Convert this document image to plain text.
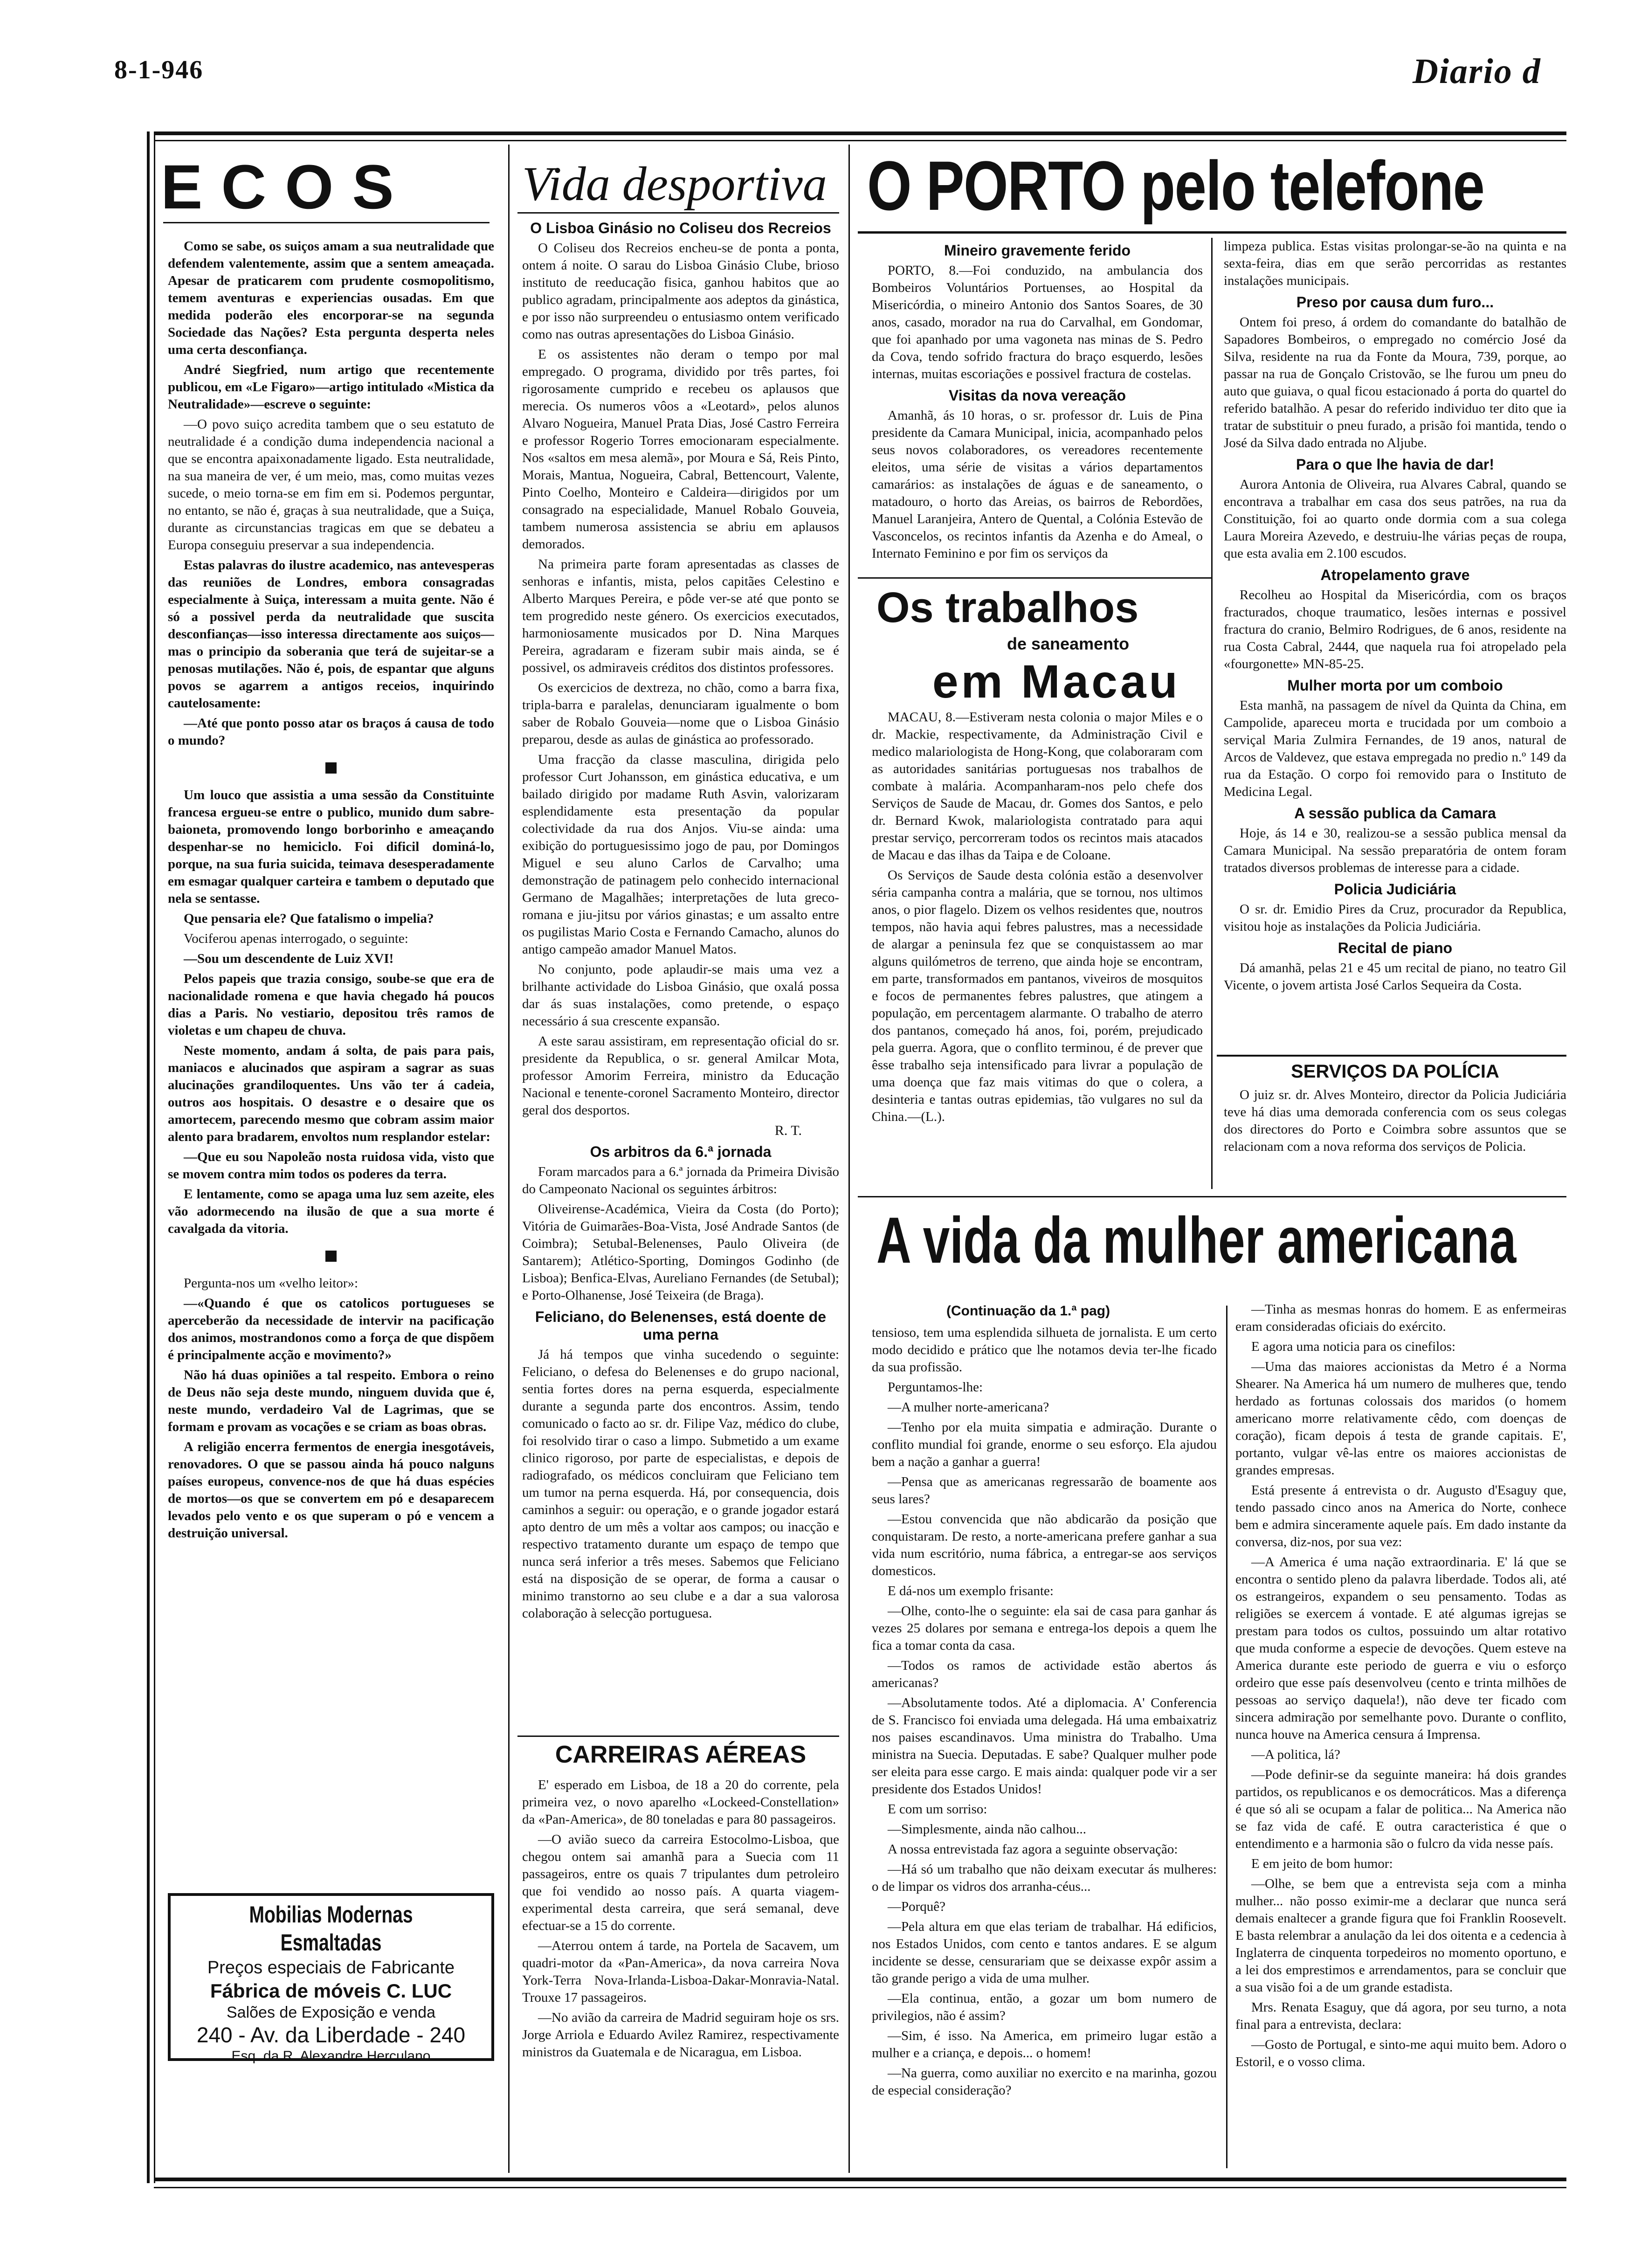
8-1-946	Diario d
ECOS

Como se sabe, os suiços amam a sua neutralidade que defendem valentemente, assim que a sentem ameaçada. Apesar de praticarem com prudente cosmopolitismo, temem aventuras e experiencias ousadas. Em que medida poderão eles encorporar-se na segunda Sociedade das Nações? Esta pergunta desperta neles uma certa desconfiança.

André Siegfried, num artigo que recentemente publicou, em «Le Figaro»—artigo intitulado «Mistica da Neutralidade»—escreve o seguinte:

—O povo suiço acredita tambem que o seu estatuto de neutralidade é a condição duma independencia nacional a que se encontra apaixonadamente ligado. Esta neutralidade, na sua maneira de ver, é um meio, mas, como muitas vezes sucede, o meio torna-se em fim em si. Podemos perguntar, no entanto, se não é, graças à sua neutralidade, que a Suiça, durante as circunstancias tragicas em que se debateu a Europa conseguiu preservar a sua independencia.

Estas palavras do ilustre academico, nas antevesperas das reuniões de Londres, embora consagradas especialmente à Suiça, interessam a muita gente. Não é só a possivel perda da neutralidade que suscita desconfianças—isso interessa directamente aos suiços— mas o principio da soberania que terá de sujeitar-se a penosas mutilações. Não é, pois, de espantar que alguns povos se agarrem a antigos receios, inquirindo cautelosamente:

—Até que ponto posso atar os braços á causa de todo o mundo?

Um louco que assistia a uma sessão da Constituinte francesa ergueu-se entre o publico, munido dum sabre-baioneta, promovendo longo borborinho e ameaçando despenhar-se no hemiciclo. Foi dificil dominá-lo, porque, na sua furia suicida, teimava desesperadamente em esmagar qualquer carteira e tambem o deputado que nela se sentasse.

Que pensaria ele? Que fatalismo o impelia?

Vociferou apenas interrogado, o seguinte:

—Sou um descendente de Luiz XVI!

Pelos papeis que trazia consigo, soube-se que era de nacionalidade romena e que havia chegado há poucos dias a Paris. No vestiario, depositou três ramos de violetas e um chapeu de chuva.

Neste momento, andam á solta, de pais para pais, maniacos e alucinados que aspiram a sagrar as suas alucinações grandiloquentes. Uns vão ter á cadeia, outros aos hospitais. O desastre e o desaire que os amortecem, parecendo mesmo que cobram assim maior alento para bradarem, envoltos num resplandor estelar:

—Que eu sou Napoleão nosta ruidosa vida, visto que se movem contra mim todos os poderes da terra.

E lentamente, como se apaga uma luz sem azeite, eles vão adormecendo na ilusão de que a sua morte é cavalgada da vitoria.

Pergunta-nos um «velho leitor»:

—«Quando é que os catolicos portugueses se aperceberão da necessidade de intervir na pacificação dos animos, mostrandonos como a força de que dispõem é principalmente acção e movimento?»

Não há duas opiniões a tal respeito. Embora o reino de Deus não seja deste mundo, ninguem duvida que é, neste mundo, verdadeiro Val de Lagrimas, que se formam e provam as vocações e se criam as boas obras.

A religião encerra fermentos de energia inesgotáveis, renovadores. O que se passou ainda há pouco nalguns países europeus, convence-nos de que há duas espécies de mortos—os que se convertem em pó e desaparecem levados pelo vento e os que superam o pó e vencem a destruição universal.

Mobilias Modernas Esmaltadas
Preços especiais de Fabricante
Fábrica de móveis C. LUC
Salões de Exposição e venda
240 - Av. da Liberdade - 240
Esq. da R. Alexandre Herculano
Vida desportiva
O Lisboa Ginásio no Coliseu dos Recreios

O Coliseu dos Recreios encheu-se de ponta a ponta, ontem á noite. O sarau do Lisboa Ginásio Clube, brioso instituto de reeducação fisica, ganhou habitos que ao publico agradam, principalmente aos adeptos da ginástica, e por isso não surpreendeu o entusiasmo ontem verificado como nas outras apresentações do Lisboa Ginásio.

E os assistentes não deram o tempo por mal empregado. O programa, dividido por três partes, foi rigorosamente cumprido e recebeu os aplausos que merecia. Os numeros vôos a «Leotard», pelos alunos Alvaro Nogueira, Manuel Prata Dias, José Castro Ferreira e professor Rogerio Torres emocionaram especialmente. Nos «saltos em mesa alemã», por Moura e Sá, Reis Pinto, Morais, Mantua, Nogueira, Cabral, Bettencourt, Valente, Pinto Coelho, Monteiro e Caldeira—dirigidos por um consagrado na especialidade, Manuel Robalo Gouveia, tambem numerosa assistencia se abriu em aplausos demorados.

Na primeira parte foram apresentadas as classes de senhoras e infantis, mista, pelos capitães Celestino e Alberto Marques Pereira, e pôde ver-se até que ponto se tem progredido neste género. Os exercicios executados, harmoniosamente musicados por D. Nina Marques Pereira, agradaram e fizeram subir mais ainda, se é possivel, os admiraveis créditos dos distintos professores.

Os exercicios de dextreza, no chão, como a barra fixa, tripla-barra e paralelas, denunciaram igualmente o bom saber de Robalo Gouveia—nome que o Lisboa Ginásio preparou, desde as aulas de ginástica ao professorado.

Uma fracção da classe masculina, dirigida pelo professor Curt Johansson, em ginástica educativa, e um bailado dirigido por madame Ruth Asvin, valorizaram esplendidamente esta presentação da popular colectividade da rua dos Anjos. Viu-se ainda: uma exibição do portuguesissimo jogo de pau, por Domingos Miguel e seu aluno Carlos de Carvalho; uma demonstração de patinagem pelo conhecido internacional Germano de Magalhães; interpretações de luta greco-romana e jiu-jitsu por vários ginastas; e um assalto entre os pugilistas Mario Costa e Fernando Camacho, alunos do antigo campeão amador Manuel Matos.

No conjunto, pode aplaudir-se mais uma vez a brilhante actividade do Lisboa Ginásio, que oxalá possa dar ás suas instalações, como pretende, o espaço necessário á sua crescente expansão.

A este sarau assistiram, em representação oficial do sr. presidente da Republica, o sr. general Amilcar Mota, professor Amorim Ferreira, ministro da Educação Nacional e tenente-coronel Sacramento Monteiro, director geral dos desportos.

R. T.
Os arbitros da 6.ª jornada

Foram marcados para a 6.ª jornada da Primeira Divisão do Campeonato Nacional os seguintes árbitros:

Oliveirense-Académica, Vieira da Costa (do Porto); Vitória de Guimarães-Boa-Vista, José Andrade Santos (de Coimbra); Setubal-Belenenses, Paulo Oliveira (de Santarem); Atlético-Sporting, Domingos Godinho (de Lisboa); Benfica-Elvas, Aureliano Fernandes (de Setubal); e Porto-Olhanense, José Teixeira (de Braga).

Feliciano, do Belenenses, está doente de uma perna

Já há tempos que vinha sucedendo o seguinte: Feliciano, o defesa do Belenenses e do grupo nacional, sentia fortes dores na perna esquerda, especialmente durante a segunda parte dos encontros. Assim, tendo comunicado o facto ao sr. dr. Filipe Vaz, médico do clube, foi resolvido tirar o caso a limpo. Submetido a um exame clinico rigoroso, por parte de especialistas, e depois de radiografado, os médicos concluiram que Feliciano tem um tumor na perna esquerda. Há, por consequencia, dois caminhos a seguir: ou operação, e o grande jogador estará apto dentro de um mês a voltar aos campos; ou inacção e respectivo tratamento durante um espaço de tempo que nunca será inferior a três meses. Sabemos que Feliciano está na disposição de se operar, de forma a causar o minimo transtorno ao seu clube e a dar a sua valorosa colaboração à selecção portuguesa.

CARREIRAS AÉREAS

E' esperado em Lisboa, de 18 a 20 do corrente, pela primeira vez, o novo aparelho «Lockeed-Constellation» da «Pan-America», de 80 toneladas e para 80 passageiros.

—O avião sueco da carreira Estocolmo-Lisboa, que chegou ontem sai amanhã para a Suecia com 11 passageiros, entre os quais 7 tripulantes dum petroleiro que foi vendido ao nosso país. A quarta viagem-experimental desta carreira, que será semanal, deve efectuar-se a 15 do corrente.

—Aterrou ontem á tarde, na Portela de Sacavem, um quadri-motor da «Pan-America», da nova carreira Nova York-Terra Nova-Irlanda-Lisboa-Dakar-Monravia-Natal. Trouxe 17 passageiros.

—No avião da carreira de Madrid seguiram hoje os srs. Jorge Arriola e Eduardo Avilez Ramirez, respectivamente ministros da Guatemala e de Nicaragua, em Lisboa.

O PORTO pelo telefone
Mineiro gravemente ferido

PORTO, 8.—Foi conduzido, na ambulancia dos Bombeiros Voluntários Portuenses, ao Hospital da Misericórdia, o mineiro Antonio dos Santos Soares, de 30 anos, casado, morador na rua do Carvalhal, em Gondomar, que foi apanhado por uma vagoneta nas minas de S. Pedro da Cova, tendo sofrido fractura do braço esquerdo, lesões internas, muitas escoriações e possivel fractura de costelas.

Visitas da nova vereação

Amanhã, ás 10 horas, o sr. professor dr. Luis de Pina presidente da Camara Municipal, inicia, acompanhado pelos seus novos colaboradores, os vereadores recentemente eleitos, uma série de visitas a vários departamentos camarários: as instalações de águas e de saneamento, o matadouro, o horto das Areias, os bairros de Rebordões, Manuel Laranjeira, Antero de Quental, a Colónia Estevão de Vasconcelos, os recintos infantis da Azenha e do Ameal, o Internato Feminino e por fim os serviços da

limpeza publica. Estas visitas prolongar-se-ão na quinta e na sexta-feira, dias em que serão percorridas as restantes instalações municipais.

Preso por causa dum furo...

Ontem foi preso, á ordem do comandante do batalhão de Sapadores Bombeiros, o empregado no comércio José da Silva, residente na rua da Fonte da Moura, 739, porque, ao passar na rua de Gonçalo Cristovão, se lhe furou um pneu do auto que guiava, o qual ficou estacionado á porta do quartel do referido batalhão. A pesar do referido individuo ter dito que ia tratar de substituir o pneu furado, a prisão foi mantida, tendo o José da Silva dado entrada no Aljube.

Para o que lhe havia de dar!

Aurora Antonia de Oliveira, rua Alvares Cabral, quando se encontrava a trabalhar em casa dos seus patrões, na rua da Constituição, foi ao quarto onde dormia com a sua colega Laura Moreira Azevedo, e destruiu-lhe várias peças de roupa, que esta avalia em 2.100 escudos.

Atropelamento grave

Recolheu ao Hospital da Misericórdia, com os braços fracturados, choque traumatico, lesões internas e possivel fractura do cranio, Belmiro Rodrigues, de 6 anos, residente na rua Costa Cabral, 2444, que naquela rua foi atropelado pela «fourgonette» MN-85-25.

Mulher morta por um comboio

Esta manhã, na passagem de nível da Quinta da China, em Campolide, apareceu morta e trucidada por um comboio a serviçal Maria Zulmira Fernandes, de 19 anos, natural de Arcos de Valdevez, que estava empregada no predio n.º 149 da rua da Estação. O corpo foi removido para o Instituto de Medicina Legal.

A sessão publica da Camara

Hoje, ás 14 e 30, realizou-se a sessão publica mensal da Camara Municipal. Na sessão preparatória de ontem foram tratados diversos problemas de interesse para a cidade.

Policia Judiciária

O sr. dr. Emidio Pires da Cruz, procurador da Republica, visitou hoje as instalações da Policia Judiciária.

Recital de piano

Dá amanhã, pelas 21 e 45 um recital de piano, no teatro Gil Vicente, o jovem artista José Carlos Sequeira da Costa.

SERVIÇOS DA POLÍCIA

O juiz sr. dr. Alves Monteiro, director da Policia Judiciária teve há dias uma demorada conferencia com os seus colegas dos directores do Porto e Coimbra sobre assuntos que se relacionam com a nova reforma dos serviços de Policia.

Os trabalhos
de saneamento
em Macau

MACAU, 8.—Estiveram nesta colonia o major Miles e o dr. Mackie, respectivamente, da Administração Civil e medico malariologista de Hong-Kong, que colaboraram com as autoridades sanitárias portuguesas nos trabalhos de combate à malária. Acompanharam-nos pelo chefe dos Serviços de Saude de Macau, dr. Gomes dos Santos, e pelo dr. Bernard Kwok, malariologista contratado para aqui prestar serviço, percorreram todos os recintos mais atacados de Macau e das ilhas da Taipa e de Coloane.

Os Serviços de Saude desta colónia estão a desenvolver séria campanha contra a malária, que se tornou, nos ultimos anos, o pior flagelo. Dizem os velhos residentes que, noutros tempos, não havia aqui febres palustres, mas a necessidade de alargar a peninsula fez que se conquistassem ao mar alguns quilómetros de terreno, que ainda hoje se encontram, em parte, transformados em pantanos, viveiros de mosquitos e focos de permanentes febres palustres, que atingem a população, em percentagem alarmante. O trabalho de aterro dos pantanos, começado há anos, foi, porém, prejudicado pela guerra. Agora, que o conflito terminou, é de prever que êsse trabalho seja intensificado para livrar a população de uma doença que faz mais vitimas do que o colera, a desinteria e tantas outras epidemias, tão vulgares no sul da China.—(L.).

A vida da mulher americana
(Continuação da 1.ª pag)

tensioso, tem uma esplendida silhueta de jornalista. E um certo modo decidido e prático que lhe notamos deviа ter-lhe ficado da sua profissão.

Perguntamos-lhe:

—A mulher norte-americana?

—Tenho por ela muita simpatia e admiração. Durante o conflito mundial foi grande, enorme o seu esforço. Ela ajudou bem a nação a ganhar a guerra!

—Pensa que as americanas regressarão de boamente aos seus lares?

—Estou convencida que não abdicarão da posição que conquistaram. De resto, a norte-americana prefere ganhar a sua vida num escritório, numa fábrica, a entregar-se aos serviços domesticos.

E dá-nos um exemplo frisante:

—Olhe, conto-lhe o seguinte: ela sai de casa para ganhar ás vezes 25 dolares por semana e entrega-los depois a quem lhe fica a tomar conta da casa.

—Todos os ramos de actividade estão abertos ás americanas?

—Absolutamente todos. Até a diplomacia. A' Conferencia de S. Francisco foi enviada uma delegada. Há uma embaixatriz nos paises escandinavos. Uma ministra do Trabalho. Uma ministra na Suecia. Deputadas. E sabe? Qualquer mulher pode ser eleita para esse cargo. E mais ainda: qualquer pode vir a ser presidente dos Estados Unidos!

E com um sorriso:

—Simplesmente, ainda não calhou...

A nossa entrevistada faz agora a seguinte observação:

—Há só um trabalho que não deixam executar ás mulheres: o de limpar os vidros dos arranha-céus...

—Porquê?

—Pela altura em que elas teriam de trabalhar. Há edificios, nos Estados Unidos, com cento e tantos andares. E se algum incidente se desse, censurariam que se deixasse expôr assim a tão grande perigo a vida de uma mulher.

—Ela continua, então, a gozar um bom numero de privilegios, não é assim?

—Sim, é isso. Na America, em primeiro lugar estão a mulher e a criança, e depois... o homem!

—Na guerra, como auxiliar no exercito e na marinha, gozou de especial consideração?

—Tinha as mesmas honras do homem. E as enfermeiras eram consideradas oficiais do exército.

E agora uma noticia para os cinefilos:

—Uma das maiores accionistas da Metro é a Norma Shearer. Na America há um numero de mulheres que, tendo herdado as fortunas colossais dos maridos (o homem americano morre relativamente cêdo, com doenças de coração), ficam depois á testa de grande capitais. E', portanto, vulgar vê-las entre os maiores accionistas de grandes empresas.

Está presente á entrevista o dr. Augusto d'Esaguy que, tendo passado cinco anos na America do Norte, conhece bem e admira sinceramente aquele país. Em dado instante da conversa, diz-nos, por sua vez:

—A America é uma nação extraordinaria. E' lá que se encontra o sentido pleno da palavra liberdade. Todos ali, até os estrangeiros, expandem o seu pensamento. Todas as religiões se exercem á vontade. E até algumas igrejas se prestam para todos os cultos, possuindo um altar rotativo que muda conforme a especie de devoções. Quem esteve na America durante este periodo de guerra e viu o esforço ordeiro que esse país desenvolveu (cento e trinta milhões de pessoas ao serviço daquela!), não deve ter ficado com sincera admiração por semelhante povo. Durante o conflito, nunca houve na America censura á Imprensa.

—A politica, lá?

—Pode definir-se da seguinte maneira: há dois grandes partidos, os republicanos e os democráticos. Mas a diferença é que só ali se ocupam a falar de politica... Na America não se faz vida de café. E outra caracteristica é que o entendimento e a harmonia são o fulcro da vida nesse país.

E em jeito de bom humor:

—Olhe, se bem que a entrevista seja com a minha mulher... não posso eximir-me a declarar que nunca será demais enaltecer a grande figura que foi Franklin Roosevelt. E basta relembrar a anulação da lei dos oitenta e a cedencia à Inglaterra de cinquenta torpedeiros no momento oportuno, e a lei dos emprestimos e arrendamentos, para se concluir que a sua visão foi a de um grande estadista.

Mrs. Renata Esaguy, que dá agora, por seu turno, a nota final para a entrevista, declara:

—Gosto de Portugal, e sinto-me aqui muito bem. Adoro o Estoril, e o vosso clima.
